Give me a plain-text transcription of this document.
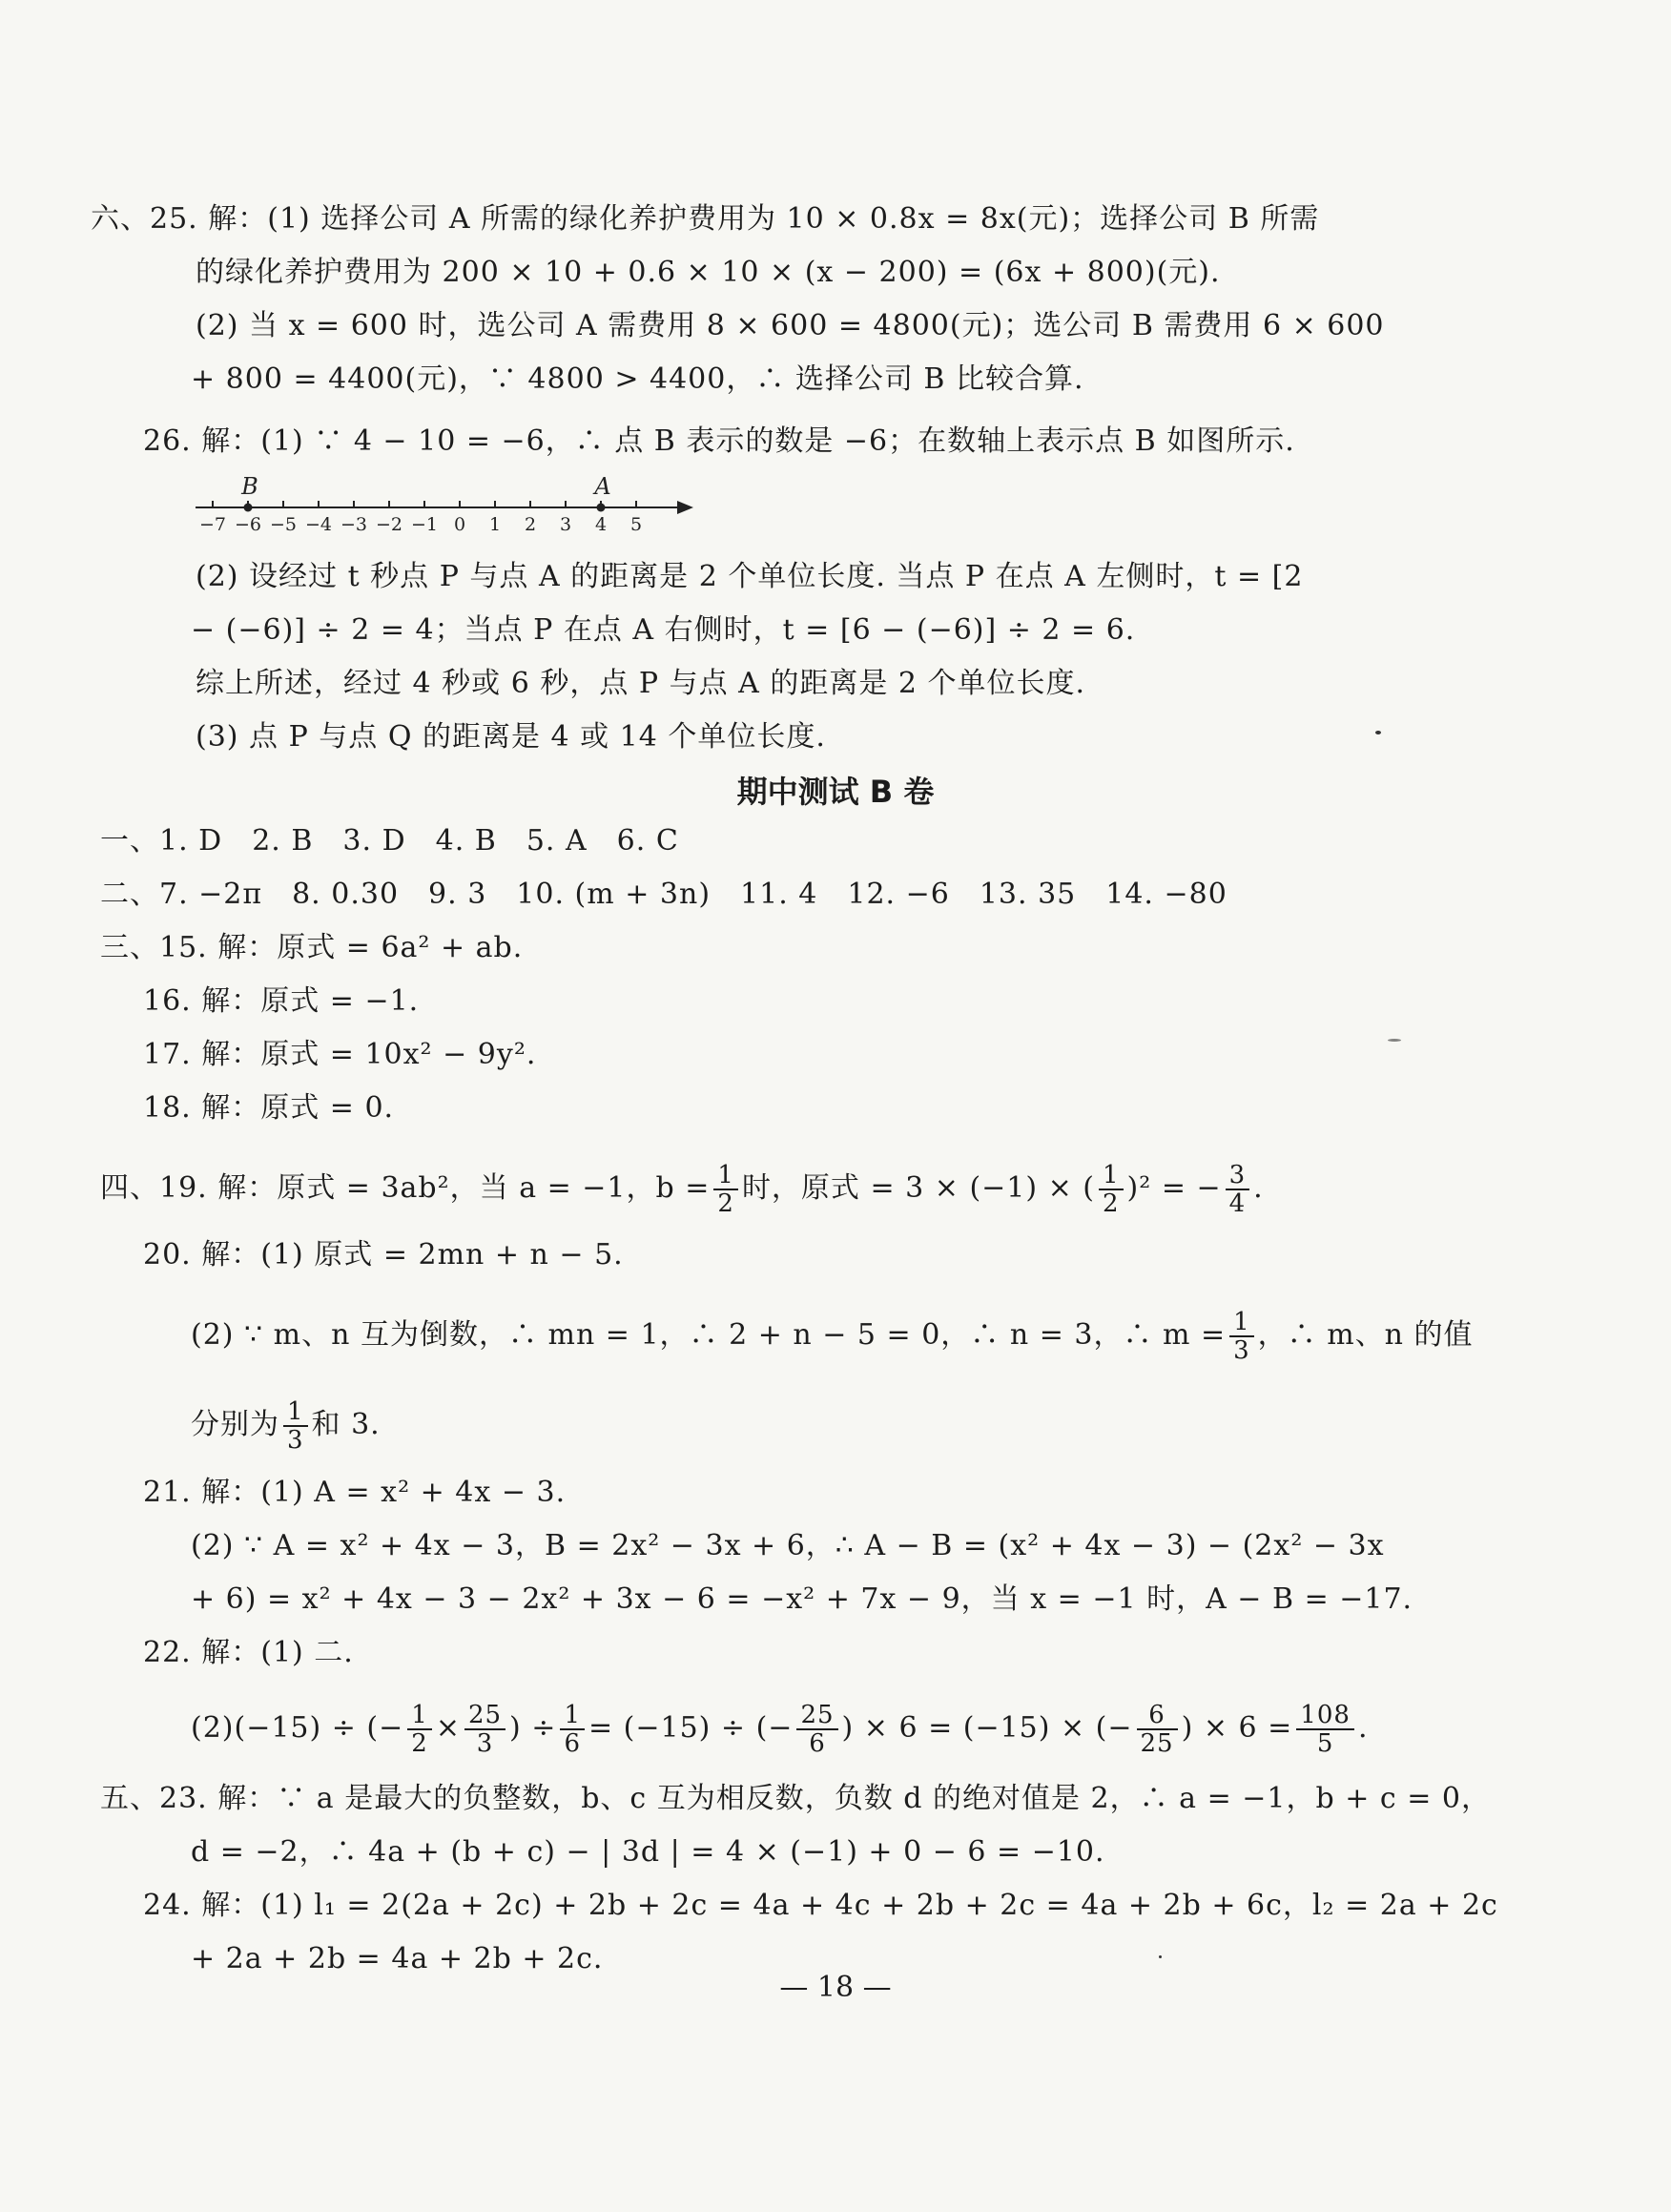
六、25. 解：(1) 选择公司 A 所需的绿化养护费用为 10 × 0.8x = 8x(元)；选择公司 B 所需
的绿化养护费用为 200 × 10 + 0.6 × 10 × (x − 200) = (6x + 800)(元).
(2) 当 x = 600 时，选公司 A 需费用 8 × 600 = 4800(元)；选公司 B 需费用 6 × 600
+ 800 = 4400(元)，∵ 4800 > 4400，∴ 选择公司 B 比较合算.
26. 解：(1) ∵ 4 − 10 = −6，∴ 点 B 表示的数是 −6；在数轴上表示点 B 如图所示.
−7 −6 −5 −4 −3 −2 −1 0 1 2 3 4 5
B	A
(2) 设经过 t 秒点 P 与点 A 的距离是 2 个单位长度. 当点 P 在点 A 左侧时，t = [2
− (−6)] ÷ 2 = 4；当点 P 在点 A 右侧时，t = [6 − (−6)] ÷ 2 = 6.
综上所述，经过 4 秒或 6 秒，点 P 与点 A 的距离是 2 个单位长度.
(3) 点 P 与点 Q 的距离是 4 或 14 个单位长度.
期中测试 B 卷
一、1. D　2. B　3. D　4. B　5. A　6. C
二、7. −2π　8. 0.30　9. 3　10. (m + 3n)　11. 4　12. −6　13. 35　14. −80
三、15. 解：原式 = 6a² + ab.
16. 解：原式 = −1.
17. 解：原式 = 10x² − 9y².
18. 解：原式 = 0.
四、19. 解：原式 = 3ab²，当 a = −1，$b = \frac{1}{2}$ 时，原式 = 3 × (−1) × ( $\frac{1}{2} )^2$ = − $\frac{3}{4}$ .
20. 解：(1) 原式 = 2mn + n − 5.
(2) ∵ m、n 互为倒数，∴ mn = 1，∴ 2 + n − 5 = 0，∴ n = 3，∴ $m = \frac{1}{3}$ ，∴ m、n 的值
分别为 $\frac{1}{3}$ 和 3.
21. 解：(1) A = x² + 4x − 3.
(2) ∵ A = x² + 4x − 3，B = 2x² − 3x + 6，∴ A − B = (x² + 4x − 3) − (2x² − 3x
+ 6) = x² + 4x − 3 − 2x² + 3x − 6 = −x² + 7x − 9，当 x = −1 时，A − B = −17.
22. 解：(1) 二.
(2)(−15) ÷ (− $\frac{1}{2} \times \frac{25}{3}$ ) ÷ $\frac{1}{6} = (-15)$ ÷ (− $\frac{25}{6}$ ) × 6 = (−15) × (− $\frac{6}{25}$ ) × $6 = \frac{108}{5}$ .
五、23. 解：∵ a 是最大的负整数，b、c 互为相反数，负数 d 的绝对值是 2，∴ a = −1，b + c = 0，
d = −2，∴ 4a + (b + c) − | 3d | = 4 × (−1) + 0 − 6 = −10.
24. 解：(1) l₁ = 2(2a + 2c) + 2b + 2c = 4a + 4c + 2b + 2c = 4a + 2b + 6c，l₂ = 2a + 2c
+ 2a + 2b = 4a + 2b + 2c.
— 18 —
